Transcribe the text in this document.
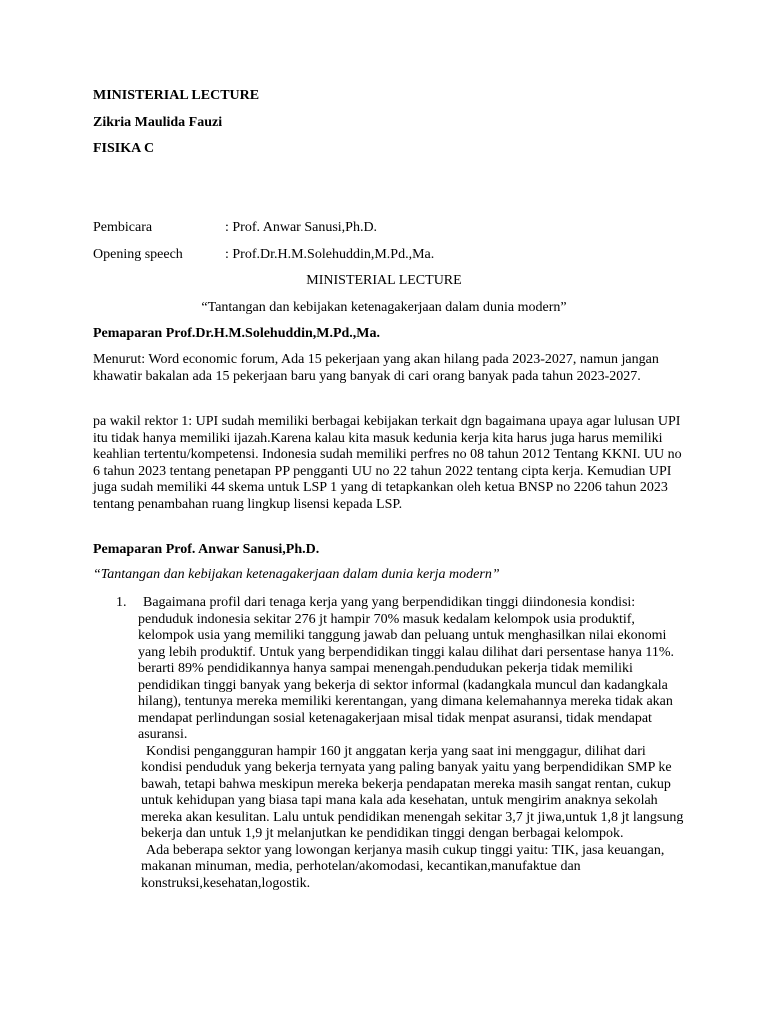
MINISTERIAL LECTURE
Zikria Maulida Fauzi
FISIKA C
Pembicara	: Prof. Anwar Sanusi,Ph.D.
Opening speech	: Prof.Dr.H.M.Solehuddin,M.Pd.,Ma.
MINISTERIAL LECTURE
“Tantangan dan kebijakan ketenagakerjaan dalam dunia modern”
Pemaparan Prof.Dr.H.M.Solehuddin,M.Pd.,Ma.
Menurut: Word economic forum, Ada 15 pekerjaan yang akan hilang pada 2023-2027, namun jangan khawatir bakalan ada 15 pekerjaan baru yang banyak di cari orang banyak pada tahun 2023-2027.
pa wakil rektor 1: UPI sudah memiliki berbagai kebijakan terkait dgn bagaimana upaya agar lulusan UPI itu tidak hanya memiliki ijazah.Karena kalau kita masuk kedunia kerja kita harus juga harus memiliki keahlian tertentu/kompetensi. Indonesia sudah memiliki perfres no 08 tahun 2012 Tentang KKNI. UU no 6 tahun 2023 tentang penetapan PP pengganti UU no 22 tahun 2022 tentang cipta kerja. Kemudian UPI juga sudah memiliki 44 skema untuk LSP 1 yang di tetapkankan oleh ketua BNSP no 2206 tahun 2023 tentang penambahan ruang lingkup lisensi kepada LSP.
Pemaparan Prof. Anwar Sanusi,Ph.D.
“Tantangan dan kebijakan ketenagakerjaan dalam dunia kerja modern”
1.	Bagaimana profil dari tenaga kerja yang yang berpendidikan tinggi diindonesia kondisi: penduduk indonesia sekitar 276 jt hampir 70% masuk kedalam kelompok usia produktif, kelompok usia yang memiliki tanggung jawab dan peluang untuk menghasilkan nilai ekonomi yang lebih produktif. Untuk yang berpendidikan tinggi kalau dilihat dari persentase hanya 11%. berarti 89% pendidikannya hanya sampai menengah.pendudukan pekerja tidak memiliki pendidikan tinggi banyak yang bekerja di sektor informal (kadangkala muncul dan kadangkala hilang), tentunya mereka memiliki kerentangan, yang dimana kelemahannya mereka tidak akan mendapat perlindungan sosial ketenagakerjaan misal tidak menpat asuransi, tidak mendapat asuransi.
Kondisi pengangguran hampir 160 jt anggatan kerja yang saat ini menggagur, dilihat dari kondisi penduduk yang bekerja ternyata yang paling banyak yaitu yang berpendidikan SMP ke bawah, tetapi bahwa meskipun mereka bekerja pendapatan mereka masih sangat rentan, cukup untuk kehidupan yang biasa tapi mana kala ada kesehatan, untuk mengirim anaknya sekolah mereka akan kesulitan. Lalu untuk pendidikan menengah sekitar 3,7 jt jiwa,untuk 1,8 jt langsung bekerja dan untuk 1,9 jt melanjutkan ke pendidikan tinggi dengan berbagai kelompok.
Ada beberapa sektor yang lowongan kerjanya masih cukup tinggi yaitu: TIK, jasa keuangan, makanan minuman, media, perhotelan/akomodasi, kecantikan,manufaktue dan konstruksi,kesehatan,logostik.
